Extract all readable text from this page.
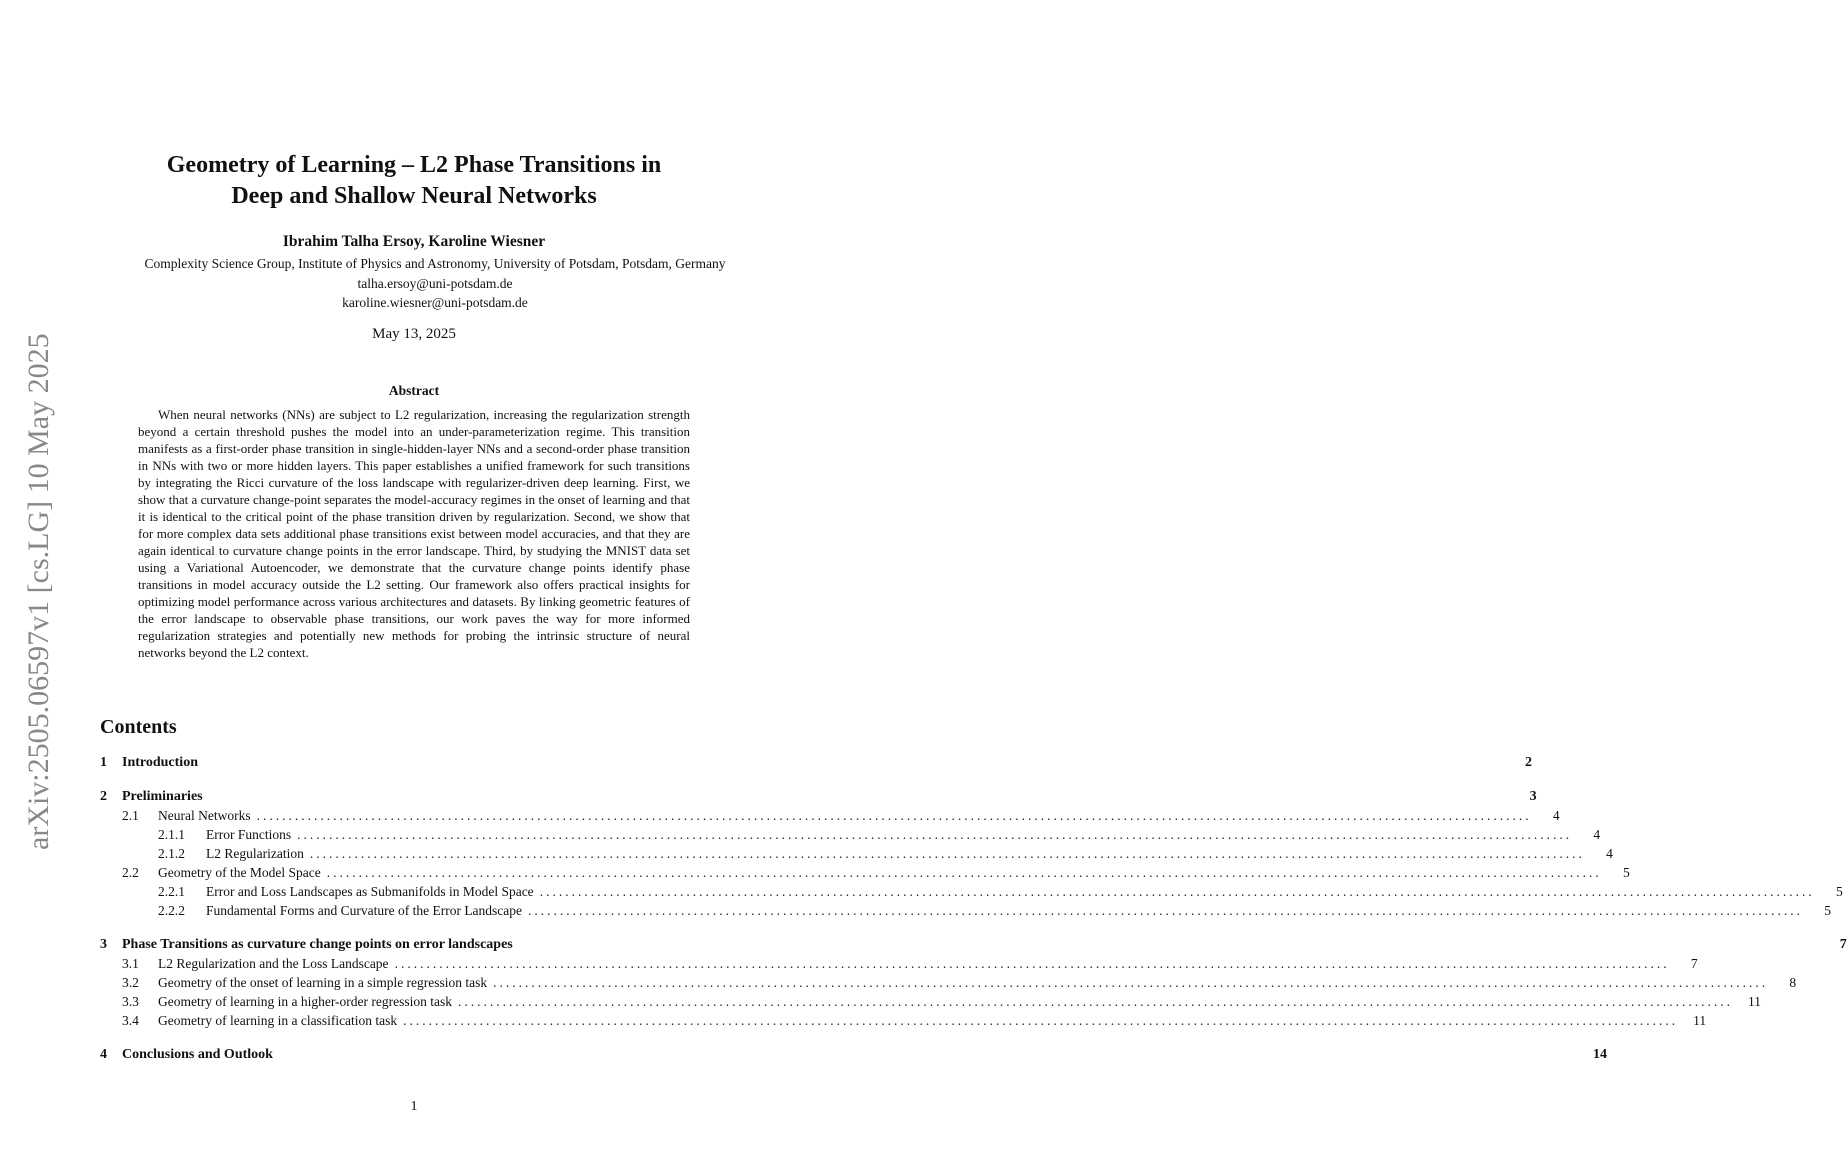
arXiv:2505.06597v1 [cs.LG] 10 May 2025
Geometry of Learning – L2 Phase Transitions in
Deep and Shallow Neural Networks
Ibrahim Talha Ersoy, Karoline Wiesner
Complexity Science Group, Institute of Physics and Astronomy, University of Potsdam, Potsdam, Germany
talha.ersoy@uni-potsdam.de
karoline.wiesner@uni-potsdam.de
May 13, 2025
Abstract
When neural networks (NNs) are subject to L2 regularization, increasing the regularization strength beyond a certain threshold pushes the model into an under-parameterization regime. This transition manifests as a first-order phase transition in single-hidden-layer NNs and a second-order phase transition in NNs with two or more hidden layers. This paper establishes a unified framework for such transitions by integrating the Ricci curvature of the loss landscape with regularizer-driven deep learning. First, we show that a curvature change-point separates the model-accuracy regimes in the onset of learning and that it is identical to the critical point of the phase transition driven by regularization. Second, we show that for more complex data sets additional phase transitions exist between model accuracies, and that they are again identical to curvature change points in the error landscape. Third, by studying the MNIST data set using a Variational Autoencoder, we demonstrate that the curvature change points identify phase transitions in model accuracy outside the L2 setting. Our framework also offers practical insights for optimizing model performance across various architectures and datasets. By linking geometric features of the error landscape to observable phase transitions, our work paves the way for more informed regularization strategies and potentially new methods for probing the intrinsic structure of neural networks beyond the L2 context.
Contents
1	Introduction	2
2	Preliminaries	3
2.1	Neural Networks ........................................................................................................................................................................................................	4
2.1.1	Error Functions ........................................................................................................................................................................................................	4
2.1.2	L2 Regularization ........................................................................................................................................................................................................	4
2.2	Geometry of the Model Space ........................................................................................................................................................................................................	5
2.2.1	Error and Loss Landscapes as Submanifolds in Model Space ........................................................................................................................................................................................................	5
2.2.2	Fundamental Forms and Curvature of the Error Landscape ........................................................................................................................................................................................................	5
3	Phase Transitions as curvature change points on error landscapes	7
3.1	L2 Regularization and the Loss Landscape ........................................................................................................................................................................................................	7
3.2	Geometry of the onset of learning in a simple regression task ........................................................................................................................................................................................................	8
3.3	Geometry of learning in a higher-order regression task ........................................................................................................................................................................................................	11
3.4	Geometry of learning in a classification task ........................................................................................................................................................................................................	11
4	Conclusions and Outlook	14
1
